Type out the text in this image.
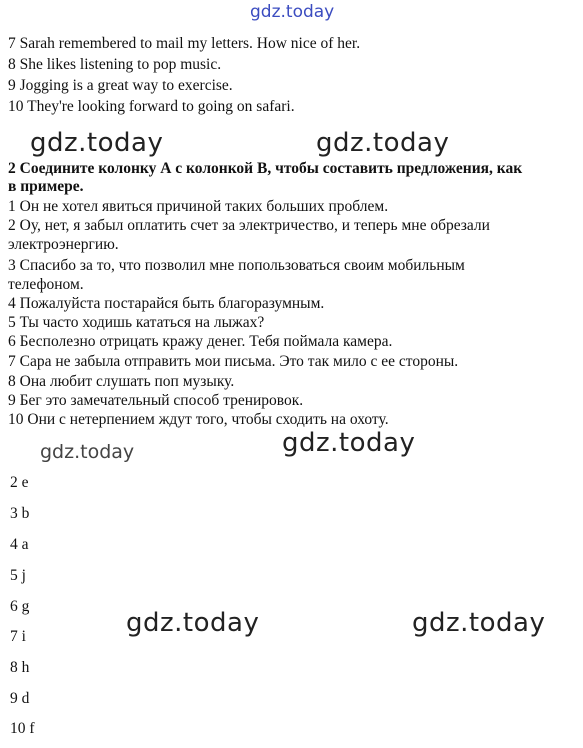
gdz.today
7 Sarah remembered to mail my letters. How nice of her.
8 She likes listening to pop music.
9 Jogging is a great way to exercise.
10 They're looking forward to going on safari.
gdz.today	gdz.today
2 Соедините колонку А с колонкой В, чтобы составить предложения, как
в примере.
1 Он не хотел явиться причиной таких больших проблем.
2 Оу, нет, я забыл оплатить счет за электричество, и теперь мне обрезали
электроэнергию.
3 Спасибо за то, что позволил мне попользоваться своим мобильным
телефоном.
4 Пожалуйста постарайся быть благоразумным.
5 Ты часто ходишь кататься на лыжах?
6 Бесполезно отрицать кражу денег. Тебя поймала камера.
7 Сара не забыла отправить мои письма. Это так мило с ее стороны.
8 Она любит слушать поп музыку.
9 Бег это замечательный способ тренировок.
10 Они с нетерпением ждут того, чтобы сходить на охоту.
gdz.today	gdz.today
2 e
3 b
4 a
5 j
6 g
7 i
8 h
9 d
10 f
gdz.today	gdz.today
